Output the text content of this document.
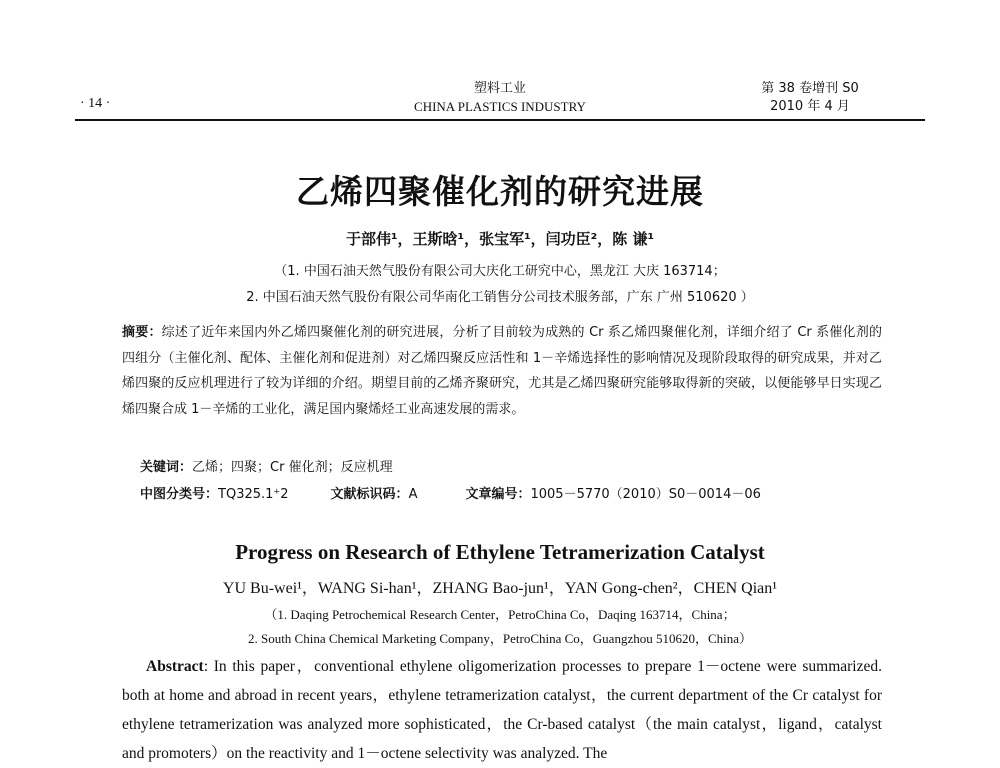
· 14 ·
塑料工业
CHINA PLASTICS INDUSTRY
第 38 卷增刊 S0
2010 年 4 月
乙烯四聚催化剂的研究进展
于部伟¹，王斯晗¹，张宝军¹，闫功臣²，陈 谦¹
（1. 中国石油天然气股份有限公司大庆化工研究中心，黑龙江 大庆 163714；
2. 中国石油天然气股份有限公司华南化工销售分公司技术服务部，广东 广州 510620 ）
摘要：综述了近年来国内外乙烯四聚催化剂的研究进展，分析了目前较为成熟的 Cr 系乙烯四聚催化剂，详细介绍了 Cr 系催化剂的四组分（主催化剂、配体、主催化剂和促进剂）对乙烯四聚反应活性和 1－辛烯选择性的影响情况及现阶段取得的研究成果，并对乙烯四聚的反应机理进行了较为详细的介绍。期望目前的乙烯齐聚研究，尤其是乙烯四聚研究能够取得新的突破，以便能够早日实现乙烯四聚合成 1－辛烯的工业化，满足国内聚烯烃工业高速发展的需求。
关键词：乙烯；四聚；Cr 催化剂；反应机理
中图分类号：TQ325.1⁺2	文献标识码：A	文章编号：1005－5770（2010）S0－0014－06
Progress on Research of Ethylene Tetramerization Catalyst
YU Bu-wei¹，WANG Si-han¹，ZHANG Bao-jun¹，YAN Gong-chen²，CHEN Qian¹
（1. Daqing Petrochemical Research Center，PetroChina Co，Daqing 163714，China；
2. South China Chemical Marketing Company，PetroChina Co，Guangzhou 510620，China）
Abstract: In this paper，conventional ethylene oligomerization processes to prepare 1－octene were summarized. both at home and abroad in recent years，ethylene tetramerization catalyst，the current department of the Cr catalyst for ethylene tetramerization was analyzed more sophisticated，the Cr-based catalyst（the main catalyst，ligand，catalyst and promoters）on the reactivity and 1－octene selectivity was analyzed. The
